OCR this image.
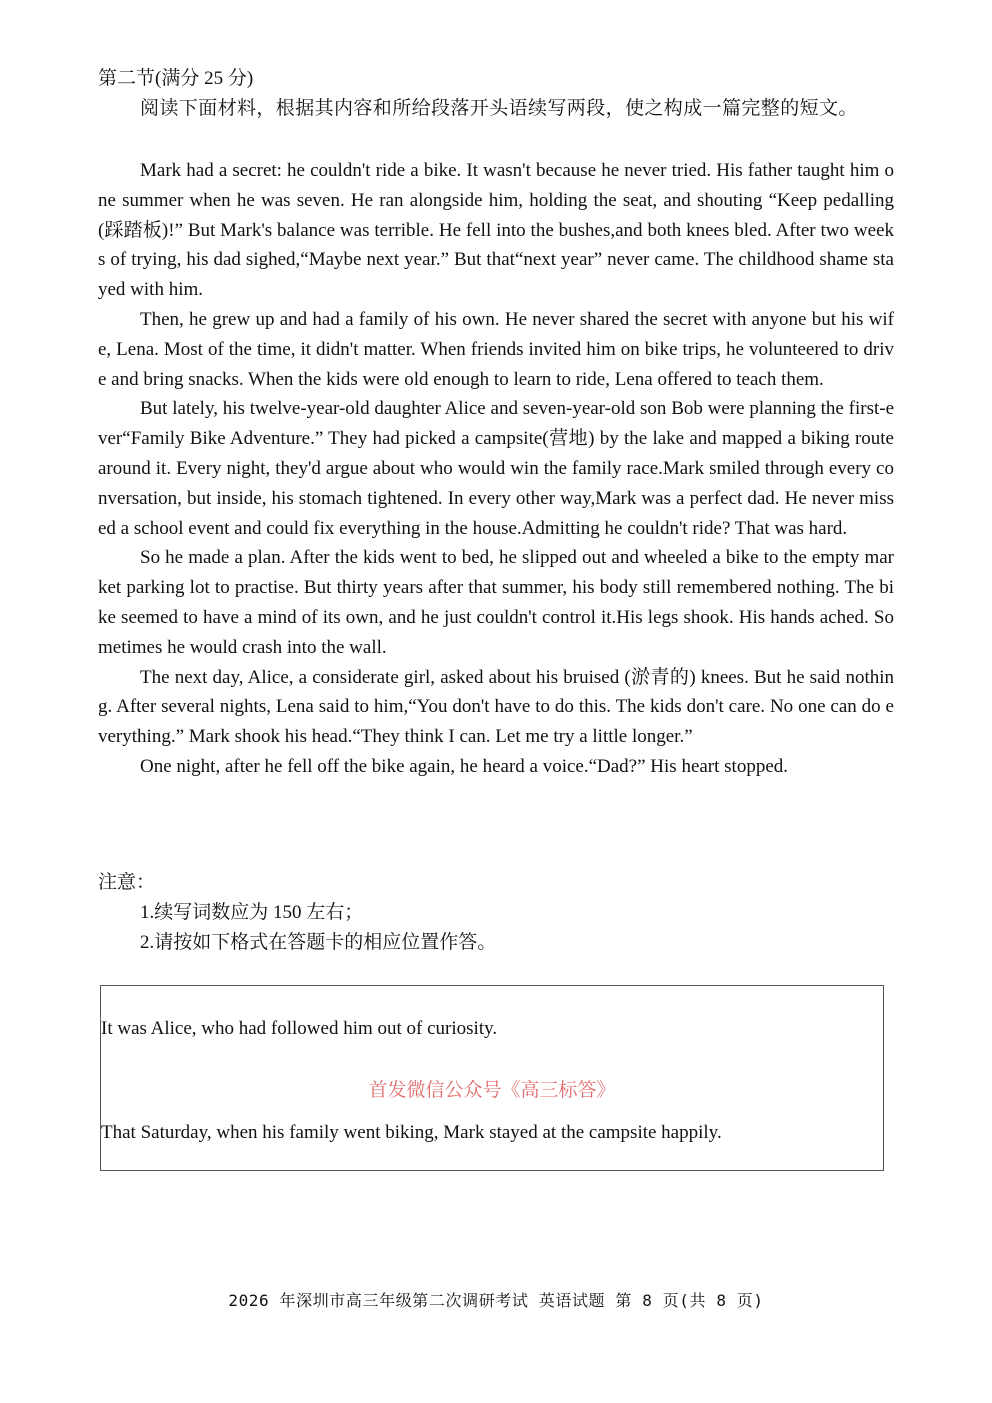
第二节(满分 25 分)
阅读下面材料，根据其内容和所给段落开头语续写两段，使之构成一篇完整的短文。

Mark had a secret: he couldn't ride a bike. It wasn't because he never tried. His father taught him one summer when he was seven. He ran alongside him, holding the seat, and shouting “Keep pedalling(踩踏板)!” But Mark's balance was terrible. He fell into the bushes,and both knees bled. After two weeks of trying, his dad sighed,“Maybe next year.” But that“next year” never came. The childhood shame stayed with him.

Then, he grew up and had a family of his own. He never shared the secret with anyone but his wife, Lena. Most of the time, it didn't matter. When friends invited him on bike trips, he volunteered to drive and bring snacks. When the kids were old enough to learn to ride, Lena offered to teach them.

But lately, his twelve-year-old daughter Alice and seven-year-old son Bob were planning the first-ever“Family Bike Adventure.” They had picked a campsite(营地) by the lake and mapped a biking route around it. Every night, they'd argue about who would win the family race.Mark smiled through every conversation, but inside, his stomach tightened. In every other way,Mark was a perfect dad. He never missed a school event and could fix everything in the house.Admitting he couldn't ride? That was hard.

So he made a plan. After the kids went to bed, he slipped out and wheeled a bike to the empty market parking lot to practise. But thirty years after that summer, his body still remembered nothing. The bike seemed to have a mind of its own, and he just couldn't control it.His legs shook. His hands ached. Sometimes he would crash into the wall.

The next day, Alice, a considerate girl, asked about his bruised (淤青的) knees. But he said nothing. After several nights, Lena said to him,“You don't have to do this. The kids don't care. No one can do everything.” Mark shook his head.“They think I can. Let me try a little longer.”

One night, after he fell off the bike again, he heard a voice.“Dad?” His heart stopped.

注意：
1.续写词数应为 150 左右；
2.请按如下格式在答题卡的相应位置作答。
It was Alice, who had followed him out of curiosity.
首发微信公众号《高三标答》
That Saturday, when his family went biking, Mark stayed at the campsite happily.
2026 年深圳市高三年级第二次调研考试 英语试题 第 8 页(共 8 页)
